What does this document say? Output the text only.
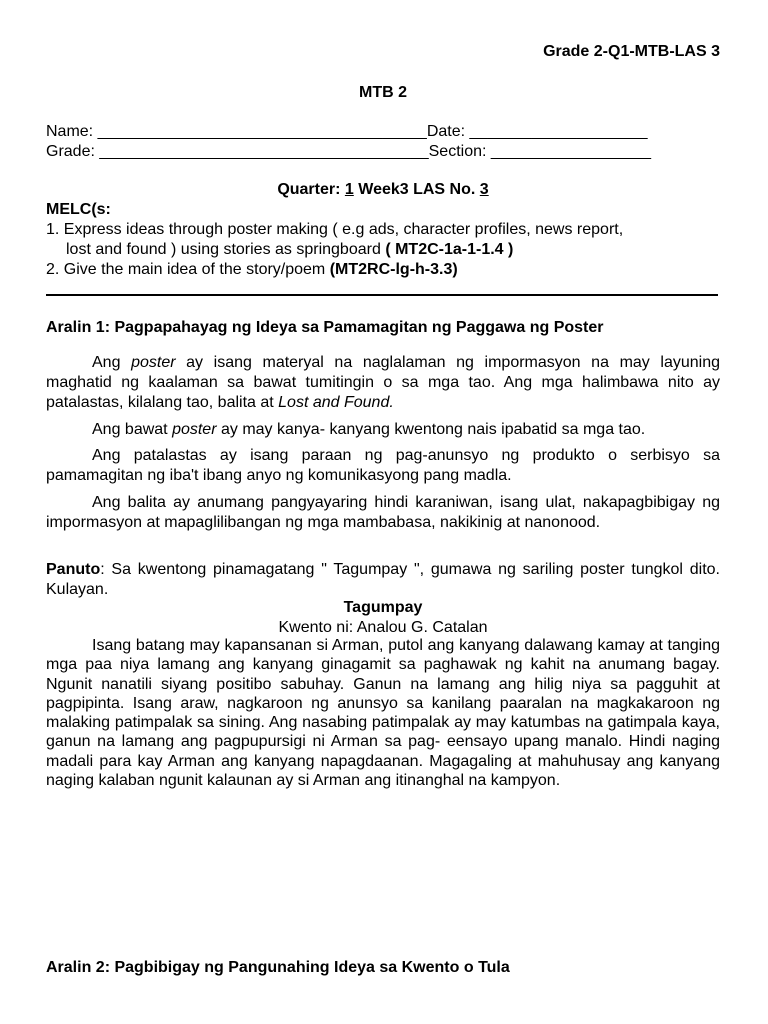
Grade 2-Q1-MTB-LAS 3
MTB 2
Name: _____________________________________Date: ____________________
Grade: _____________________________________Section: __________________
Quarter: 1 Week3 LAS No. 3
MELC(s:
1. Express ideas through poster making ( e.g ads, character profiles, news report,
lost and found ) using stories as springboard ( MT2C-1a-1-1.4 )
2. Give the main idea of the story/poem (MT2RC-lg-h-3.3)
Aralin 1: Pagpapahayag ng Ideya sa Pamamagitan ng Paggawa ng Poster

Ang poster ay isang materyal na naglalaman ng impormasyon na may layuning maghatid ng kaalaman sa bawat tumitingin o sa mga tao. Ang mga halimbawa nito ay patalastas, kilalang tao, balita at Lost and Found.

Ang bawat poster ay may kanya- kanyang kwentong nais ipabatid sa mga tao.

Ang patalastas ay isang paraan ng pag-anunsyo ng produkto o serbisyo sa pamamagitan ng iba't ibang anyo ng komunikasyong pang madla.

Ang balita ay anumang pangyayaring hindi karaniwan, isang ulat, nakapagbibigay ng impormasyon at mapaglilibangan ng mga mambabasa, nakikinig at nanonood.

Panuto: Sa kwentong pinamagatang " Tagumpay ", gumawa ng sariling poster tungkol dito. Kulayan.

Tagumpay
Kwento ni: Analou G. Catalan

Isang batang may kapansanan si Arman, putol ang kanyang dalawang kamay at tanging mga paa niya lamang ang kanyang ginagamit sa paghawak ng kahit na anumang bagay. Ngunit nanatili siyang positibo sabuhay. Ganun na lamang ang hilig niya sa pagguhit at pagpipinta. Isang araw, nagkaroon ng anunsyo sa kanilang paaralan na magkakaroon ng malaking patimpalak sa sining. Ang nasabing patimpalak ay may katumbas na gatimpala kaya, ganun na lamang ang pagpupursigi ni Arman sa pag- eensayo upang manalo. Hindi naging madali para kay Arman ang kanyang napagdaanan. Magagaling at mahuhusay ang kanyang naging kalaban ngunit kalaunan ay si Arman ang itinanghal na kampyon.

Aralin 2: Pagbibigay ng Pangunahing Ideya sa Kwento o Tula
